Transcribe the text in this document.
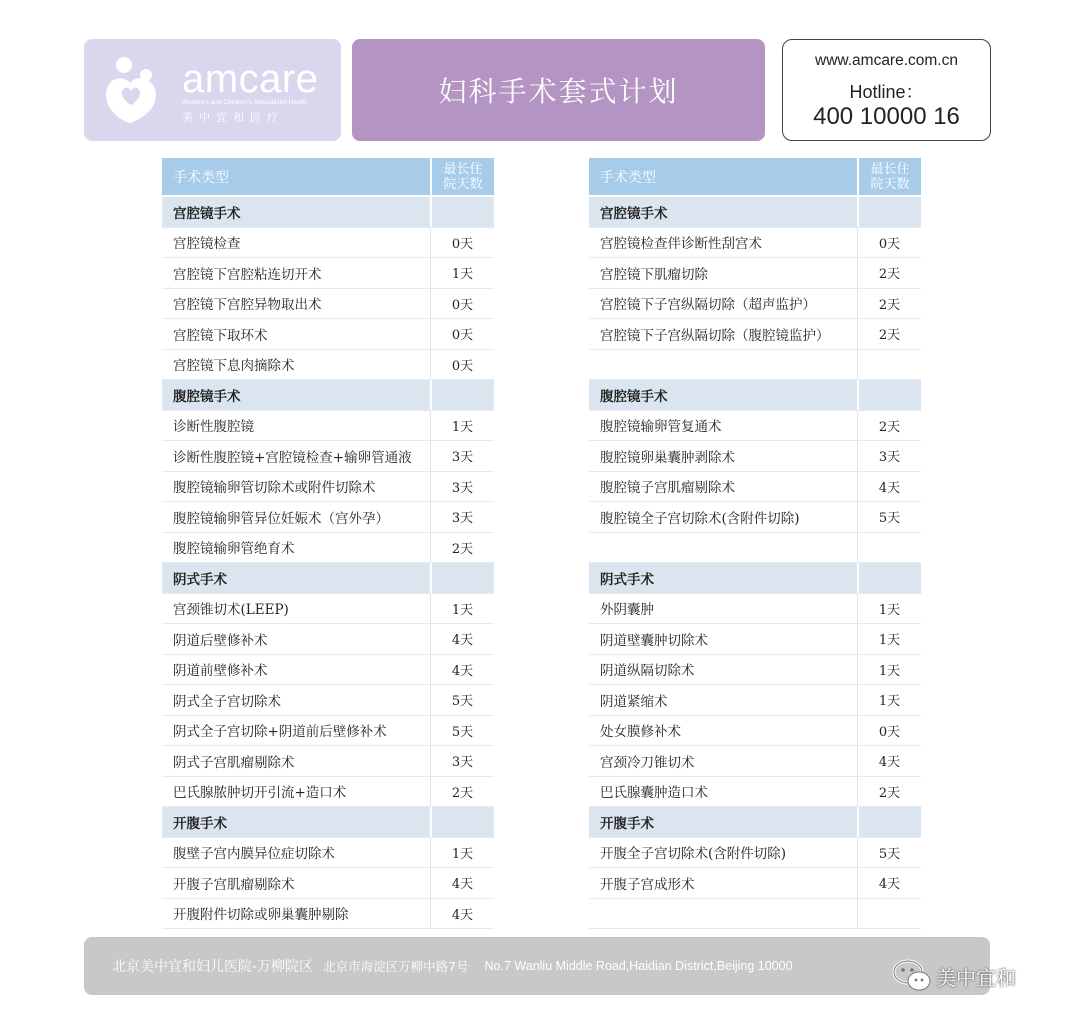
amcare
Women's and Children's Specialized Health
美中宜和医疗
妇科手术套式计划
www.amcare.com.cn
Hotline：
400 10000 16
手术类型
最长住
院天数
宫腔镜手术
宫腔镜检查	0天
宫腔镜下宫腔粘连切开术	1天
宫腔镜下宫腔异物取出术	0天
宫腔镜下取环术	0天
宫腔镜下息肉摘除术	0天
腹腔镜手术
诊断性腹腔镜	1天
诊断性腹腔镜+宫腔镜检查+输卵管通液	3天
腹腔镜输卵管切除术或附件切除术	3天
腹腔镜输卵管异位妊娠术（宫外孕）	3天
腹腔镜输卵管绝育术	2天
阴式手术
宫颈锥切术(LEEP)	1天
阴道后壁修补术	4天
阴道前壁修补术	4天
阴式全子宫切除术	5天
阴式全子宫切除+阴道前后壁修补术	5天
阴式子宫肌瘤剔除术	3天
巴氏腺脓肿切开引流+造口术	2天
开腹手术
腹壁子宫内膜异位症切除术	1天
开腹子宫肌瘤剔除术	4天
开腹附件切除或卵巢囊肿剔除	4天
手术类型
最长住
院天数
宫腔镜手术
宫腔镜检查伴诊断性刮宫术	0天
宫腔镜下肌瘤切除	2天
宫腔镜下子宫纵隔切除（超声监护）	2天
宫腔镜下子宫纵隔切除（腹腔镜监护）	2天
腹腔镜手术
腹腔镜输卵管复通术	2天
腹腔镜卵巢囊肿剥除术	3天
腹腔镜子宫肌瘤剔除术	4天
腹腔镜全子宫切除术(含附件切除)	5天
阴式手术
外阴囊肿	1天
阴道壁囊肿切除术	1天
阴道纵隔切除术	1天
阴道紧缩术	1天
处女膜修补术	0天
宫颈冷刀锥切术	4天
巴氏腺囊肿造口术	2天
开腹手术
开腹全子宫切除术(含附件切除)	5天
开腹子宫成形术	4天
北京美中宜和妇儿医院-万柳院区 北京市海淀区万柳中路7号 No.7 Wanliu Middle Road,Haidian District,Beijing 10000	美中宜和
